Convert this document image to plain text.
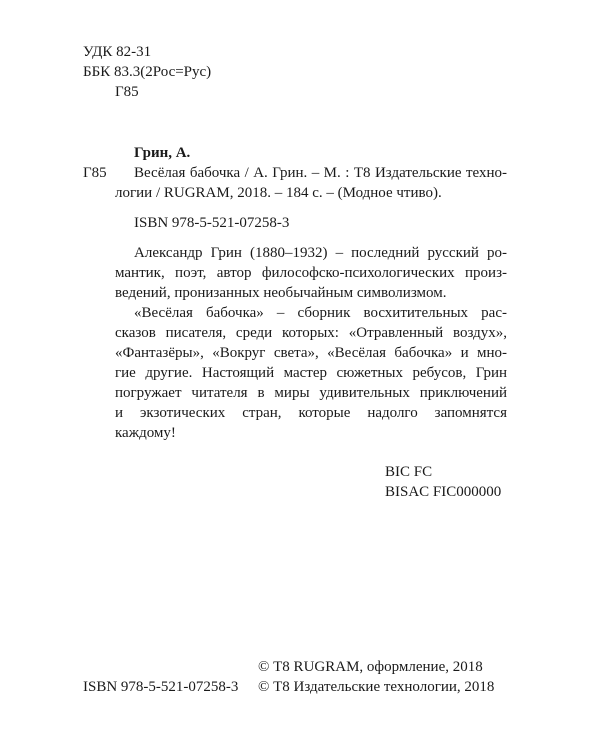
УДК 82-31
ББК 83.3(2Рос=Рус)
Г85
Грин, А.
Г85 Весёлая бабочка / А. Грин. – М. : Т8 Издательские техно-
логии / RUGRAM, 2018. – 184 с. – (Модное чтиво).
ISBN 978-5-521-07258-3
Александр Грин (1880–1932) – последний русский ро-
мантик, поэт, автор философско-психологических произ-
ведений, пронизанных необычайным символизмом.
«Весёлая бабочка» – сборник восхитительных рас-
сказов писателя, среди которых: «Отравленный воздух»,
«Фантазёры», «Вокруг света», «Весёлая бабочка» и мно-
гие другие. Настоящий мастер сюжетных ребусов, Грин
погружает читателя в миры удивительных приключений
и экзотических стран, которые надолго запомнятся
каждому!
BIC FC
BISAC FIC000000
© Т8 RUGRAM, оформление, 2018
ISBN 978-5-521-07258-3 © Т8 Издательские технологии, 2018
